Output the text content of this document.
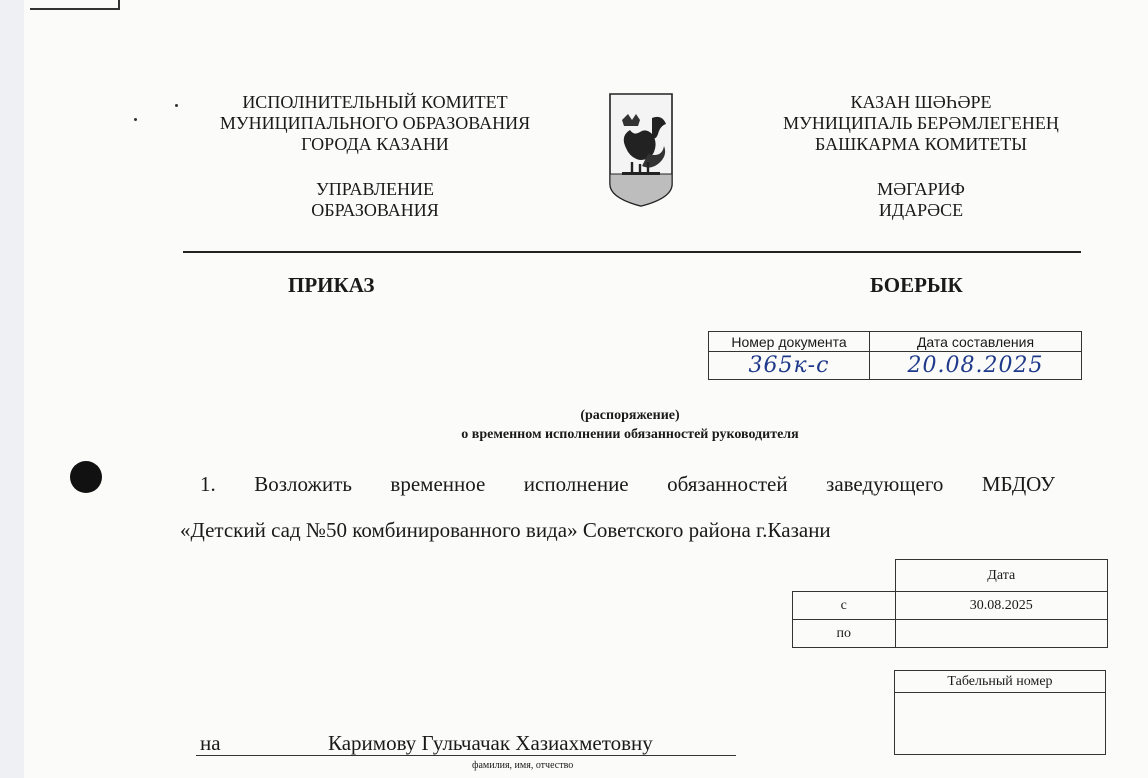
ИСПОЛНИТЕЛЬНЫЙ КОМИТЕТ
МУНИЦИПАЛЬНОГО ОБРАЗОВАНИЯ
ГОРОДА КАЗАНИ
УПРАВЛЕНИЕ
ОБРАЗОВАНИЯ
КАЗАН ШӘҺӘРЕ
МУНИЦИПАЛЬ БЕРӘМЛЕГЕНЕҢ
БАШКАРМА КОМИТЕТЫ
МӘГАРИФ
ИДАРӘСЕ
ПРИКАЗ	БОЕРЫК
Номер документа	Дата составления
365к-с	20.08.2025
(распоряжение)
о временном исполнении обязанностей руководителя
1. Возложить временное исполнение обязанностей заведующего МБДОУ
«Детский сад №50 комбинированного вида» Советского района г.Казани
	Дата
с	30.08.2025
по	
Табельный номер

на	Каримову Гульчачак Хазиахметовну
фамилия, имя, отчество
